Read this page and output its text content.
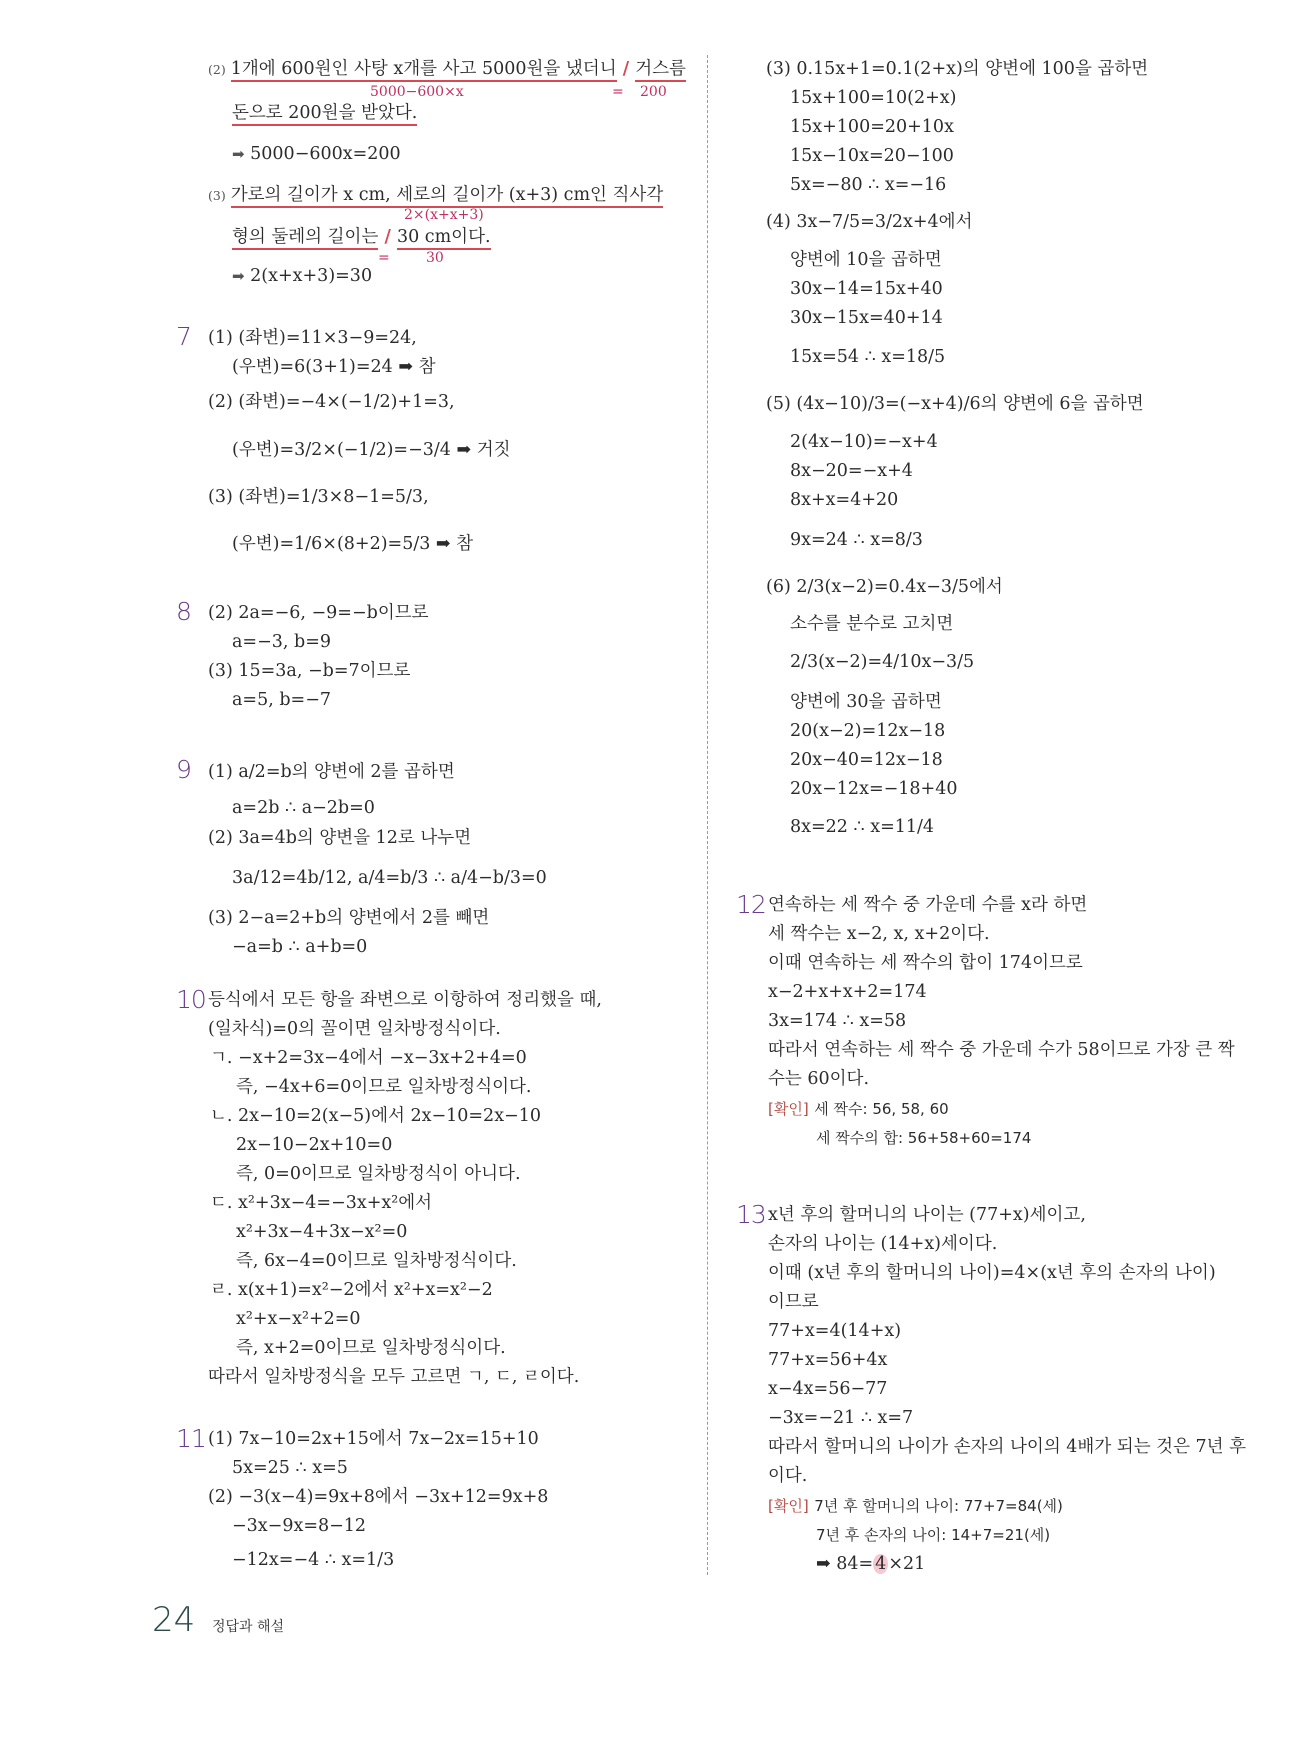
(2) 1개에 600원인 사탕 x개를 사고 5000원을 냈더니 / 거스름
5000−600×x	= 200
돈으로 200원을 받았다.
➡ 5000−600x=200
(3) 가로의 길이가 x cm, 세로의 길이가 (x+3) cm인 직사각
2×(x+x+3)
형의 둘레의 길이는 / 30 cm이다.
=	30
➡ 2(x+x+3)=30
7 (1) (좌변)=11×3−9=24,
(우변)=6(3+1)=24 ➡ 참
(2) (좌변)=−4×(−1/2)+1=3,
(우변)=3/2×(−1/2)=−3/4 ➡ 거짓
(3) (좌변)=1/3×8−1=5/3,
(우변)=1/6×(8+2)=5/3 ➡ 참
8 (2) 2a=−6, −9=−b이므로
a=−3, b=9
(3) 15=3a, −b=7이므로
a=5, b=−7
9 (1) a/2=b의 양변에 2를 곱하면
a=2b ∴ a−2b=0
(2) 3a=4b의 양변을 12로 나누면
3a/12=4b/12, a/4=b/3 ∴ a/4−b/3=0
(3) 2−a=2+b의 양변에서 2를 빼면
−a=b ∴ a+b=0
10 등식에서 모든 항을 좌변으로 이항하여 정리했을 때,
(일차식)=0의 꼴이면 일차방정식이다.
ㄱ. −x+2=3x−4에서 −x−3x+2+4=0
즉, −4x+6=0이므로 일차방정식이다.
ㄴ. 2x−10=2(x−5)에서 2x−10=2x−10
2x−10−2x+10=0
즉, 0=0이므로 일차방정식이 아니다.
ㄷ. x²+3x−4=−3x+x²에서
x²+3x−4+3x−x²=0
즉, 6x−4=0이므로 일차방정식이다.
ㄹ. x(x+1)=x²−2에서 x²+x=x²−2
x²+x−x²+2=0
즉, x+2=0이므로 일차방정식이다.
따라서 일차방정식을 모두 고르면 ㄱ, ㄷ, ㄹ이다.
11 (1) 7x−10=2x+15에서 7x−2x=15+10
5x=25 ∴ x=5
(2) −3(x−4)=9x+8에서 −3x+12=9x+8
−3x−9x=8−12
−12x=−4 ∴ x=1/3
(3) 0.15x+1=0.1(2+x)의 양변에 100을 곱하면
15x+100=10(2+x)
15x+100=20+10x
15x−10x=20−100
5x=−80 ∴ x=−16
(4) 3x−7/5=3/2x+4에서
양변에 10을 곱하면
30x−14=15x+40
30x−15x=40+14
15x=54 ∴ x=18/5
(5) (4x−10)/3=(−x+4)/6의 양변에 6을 곱하면
2(4x−10)=−x+4
8x−20=−x+4
8x+x=4+20
9x=24 ∴ x=8/3
(6) 2/3(x−2)=0.4x−3/5에서
소수를 분수로 고치면
2/3(x−2)=4/10x−3/5
양변에 30을 곱하면
20(x−2)=12x−18
20x−40=12x−18
20x−12x=−18+40
8x=22 ∴ x=11/4
12 연속하는 세 짝수 중 가운데 수를 x라 하면
세 짝수는 x−2, x, x+2이다.
이때 연속하는 세 짝수의 합이 174이므로
x−2+x+x+2=174
3x=174 ∴ x=58
따라서 연속하는 세 짝수 중 가운데 수가 58이므로 가장 큰 짝
수는 60이다.
[확인] 세 짝수: 56, 58, 60
세 짝수의 합: 56+58+60=174
13 x년 후의 할머니의 나이는 (77+x)세이고,
손자의 나이는 (14+x)세이다.
이때 (x년 후의 할머니의 나이)=4×(x년 후의 손자의 나이)
이므로
77+x=4(14+x)
77+x=56+4x
x−4x=56−77
−3x=−21 ∴ x=7
따라서 할머니의 나이가 손자의 나이의 4배가 되는 것은 7년 후
이다.
[확인] 7년 후 할머니의 나이: 77+7=84(세)
7년 후 손자의 나이: 14+7=21(세)
➡ 84= 4 ×21
24 정답과 해설
